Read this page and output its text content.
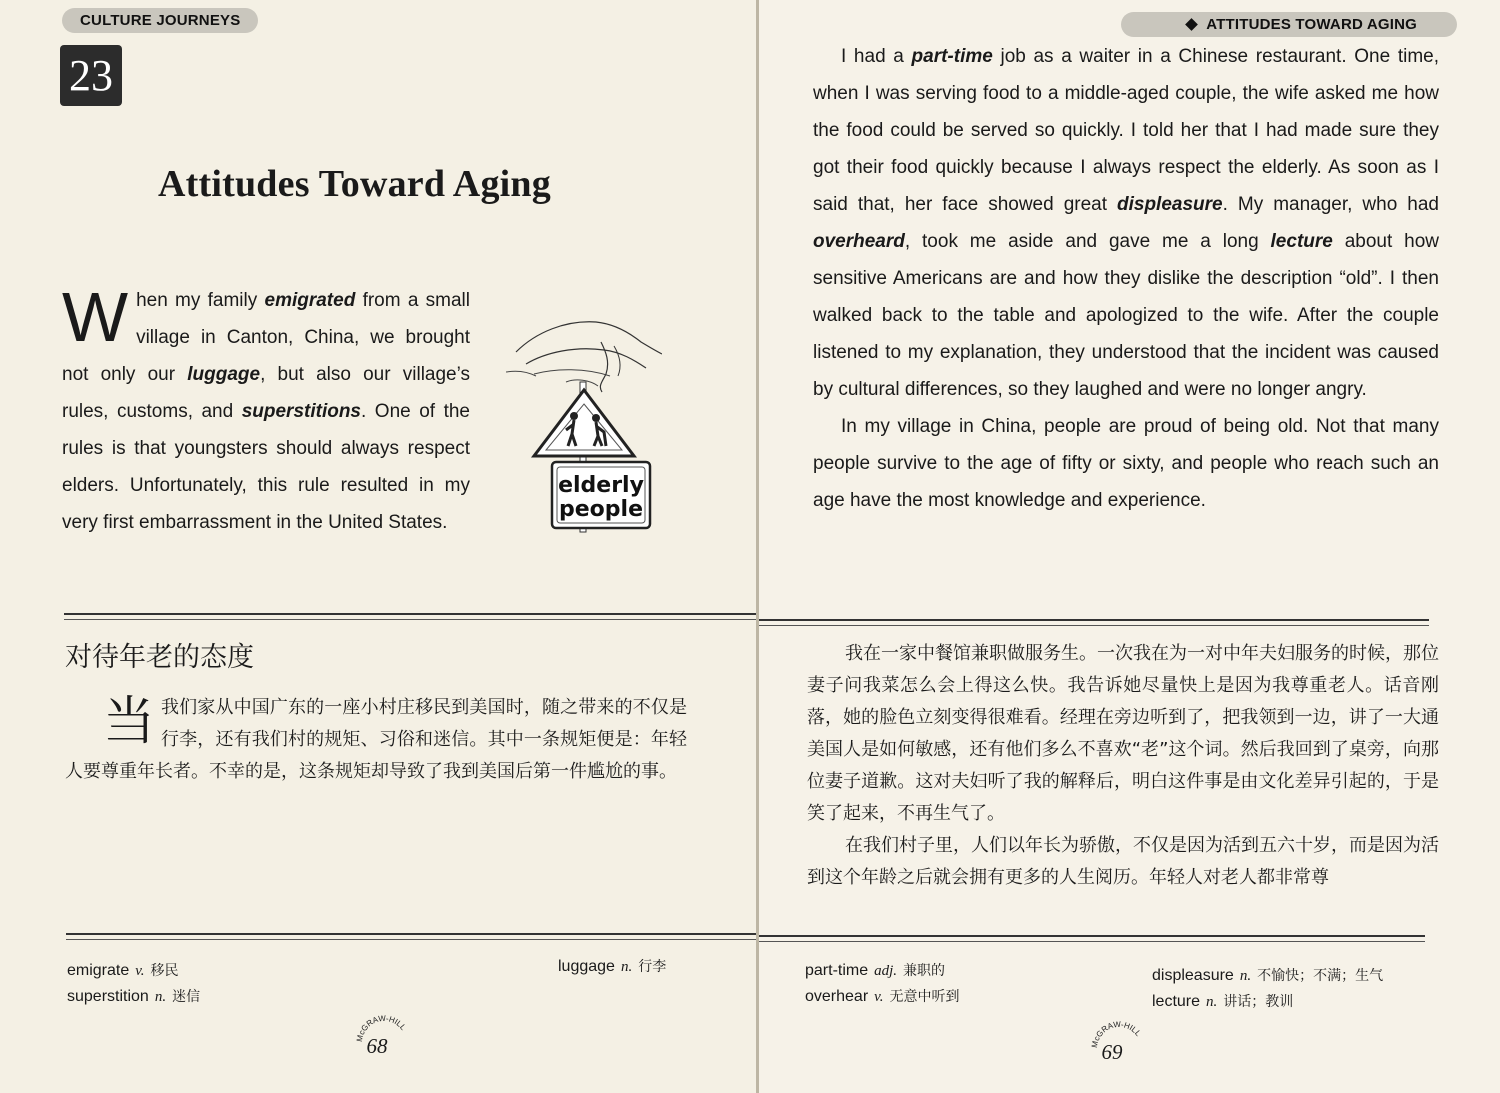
CULTURE JOURNEYS
23
Attitudes Toward Aging
When my family emigrated from a small village in Canton, China, we brought not only our luggage, but also our village’s rules, customs, and superstitions. One of the rules is that youngsters should always respect elders. Unfortunately, this rule resulted in my very first embarrassment in the United States.
elderly
people
对待年老的态度
当我们家从中国广东的一座小村庄移民到美国时，随之带来的不仅是行李，还有我们村的规矩、习俗和迷信。其中一条规矩便是：年轻人要尊重年长者。不幸的是，这条规矩却导致了我到美国后第一件尴尬的事。
emigrate v. 移民
superstition n. 迷信
luggage n. 行李
McGRAW-HILL
68
ATTITUDES TOWARD AGING

I had a part-time job as a waiter in a Chinese restaurant. One time, when I was serving food to a middle-aged couple, the wife asked me how the food could be served so quickly. I told her that I had made sure they got their food quickly because I always respect the elderly. As soon as I said that, her face showed great displeasure. My manager, who had overheard, took me aside and gave me a long lecture about how sensitive Americans are and how they dislike the description “old”. I then walked back to the table and apologized to the wife. After the couple listened to my explanation, they understood that the incident was caused by cultural differences, so they laughed and were no longer angry.

In my village in China, people are proud of being old. Not that many people survive to the age of fifty or sixty, and people who reach such an age have the most knowledge and experience.

我在一家中餐馆兼职做服务生。一次我在为一对中年夫妇服务的时候，那位妻子问我菜怎么会上得这么快。我告诉她尽量快上是因为我尊重老人。话音刚落，她的脸色立刻变得很难看。经理在旁边听到了，把我领到一边，讲了一大通美国人是如何敏感，还有他们多么不喜欢“老”这个词。然后我回到了桌旁，向那位妻子道歉。这对夫妇听了我的解释后，明白这件事是由文化差异引起的，于是笑了起来，不再生气了。

在我们村子里，人们以年长为骄傲，不仅是因为活到五六十岁，而是因为活到这个年龄之后就会拥有更多的人生阅历。年轻人对老人都非常尊

part-time adj. 兼职的
overhear v. 无意中听到
displeasure n. 不愉快；不满；生气
lecture n. 讲话；教训
McGRAW-HILL
69
